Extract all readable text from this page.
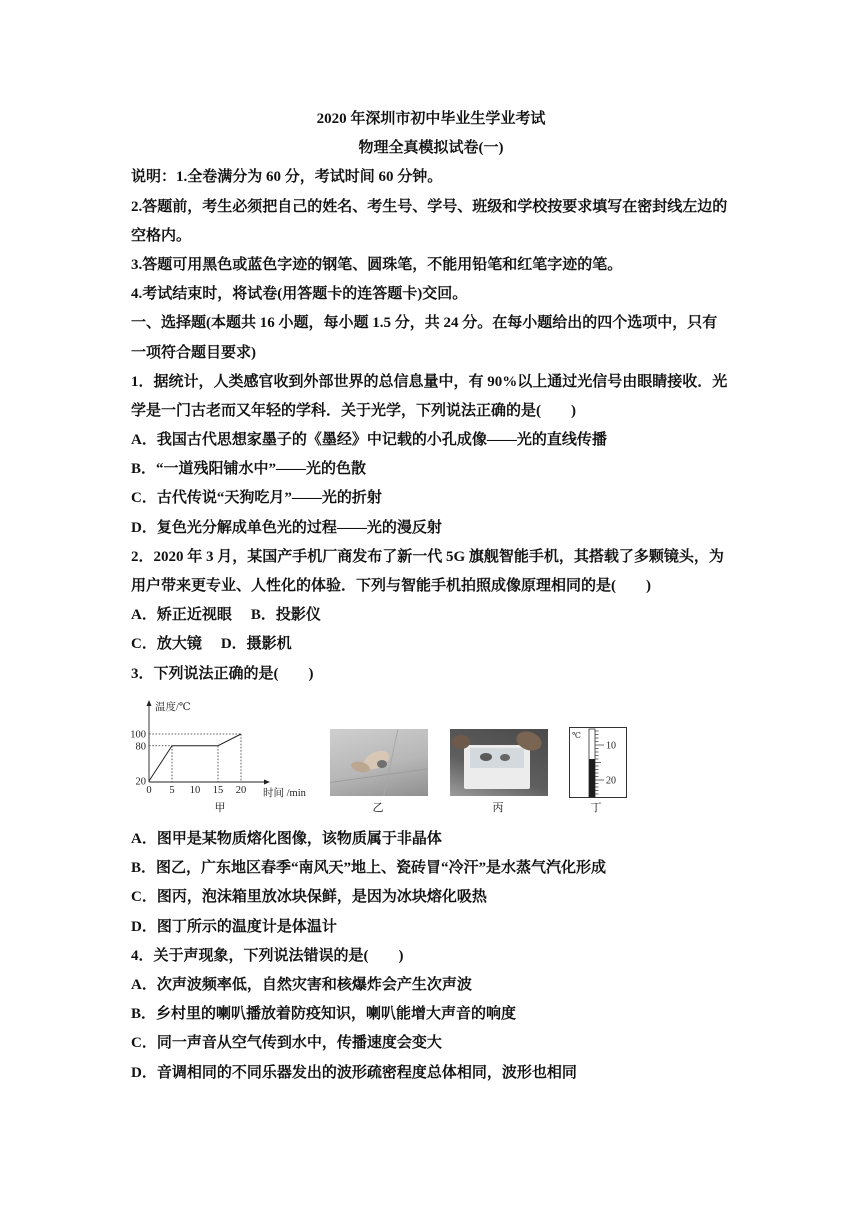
2020 年深圳市初中毕业生学业考试
物理全真模拟试卷(一)
说明：1.全卷满分为 60 分，考试时间 60 分钟。
2.答题前，考生必须把自己的姓名、考生号、学号、班级和学校按要求填写在密封线左边的
空格内。
3.答题可用黑色或蓝色字迹的钢笔、圆珠笔，不能用铅笔和红笔字迹的笔。
4.考试结束时，将试卷(用答题卡的连答题卡)交回。
一、选择题(本题共 16 小题，每小题 1.5 分，共 24 分。在每小题给出的四个选项中，只有
一项符合题目要求)
1．据统计，人类感官收到外部世界的总信息量中，有 90%以上通过光信号由眼睛接收．光
学是一门古老而又年轻的学科．关于光学，下列说法正确的是(　　)
A．我国古代思想家墨子的《墨经》中记载的小孔成像——光的直线传播
B．“一道残阳铺水中”——光的色散
C．古代传说“天狗吃月”——光的折射
D．复色光分解成单色光的过程——光的漫反射
2．2020 年 3 月，某国产手机厂商发布了新一代 5G 旗舰智能手机，其搭载了多颗镜头，为
用户带来更专业、人性化的体验．下列与智能手机拍照成像原理相同的是(　　)
A．矫正近视眼 B．投影仪
C．放大镜 D．摄影机
3．下列说法正确的是(　　)
100
80
20
0 5 10 15 20
温度/℃
时间 /min
甲	乙	丙
℃
10
20
丁
A．图甲是某物质熔化图像，该物质属于非晶体
B．图乙，广东地区春季“南风天”地上、瓷砖冒“冷汗”是水蒸气汽化形成
C．图丙，泡沫箱里放冰块保鲜，是因为冰块熔化吸热
D．图丁所示的温度计是体温计
4．关于声现象，下列说法错误的是(　　)
A．次声波频率低，自然灾害和核爆炸会产生次声波
B．乡村里的喇叭播放着防疫知识，喇叭能增大声音的响度
C．同一声音从空气传到水中，传播速度会变大
D．音调相同的不同乐器发出的波形疏密程度总体相同，波形也相同
